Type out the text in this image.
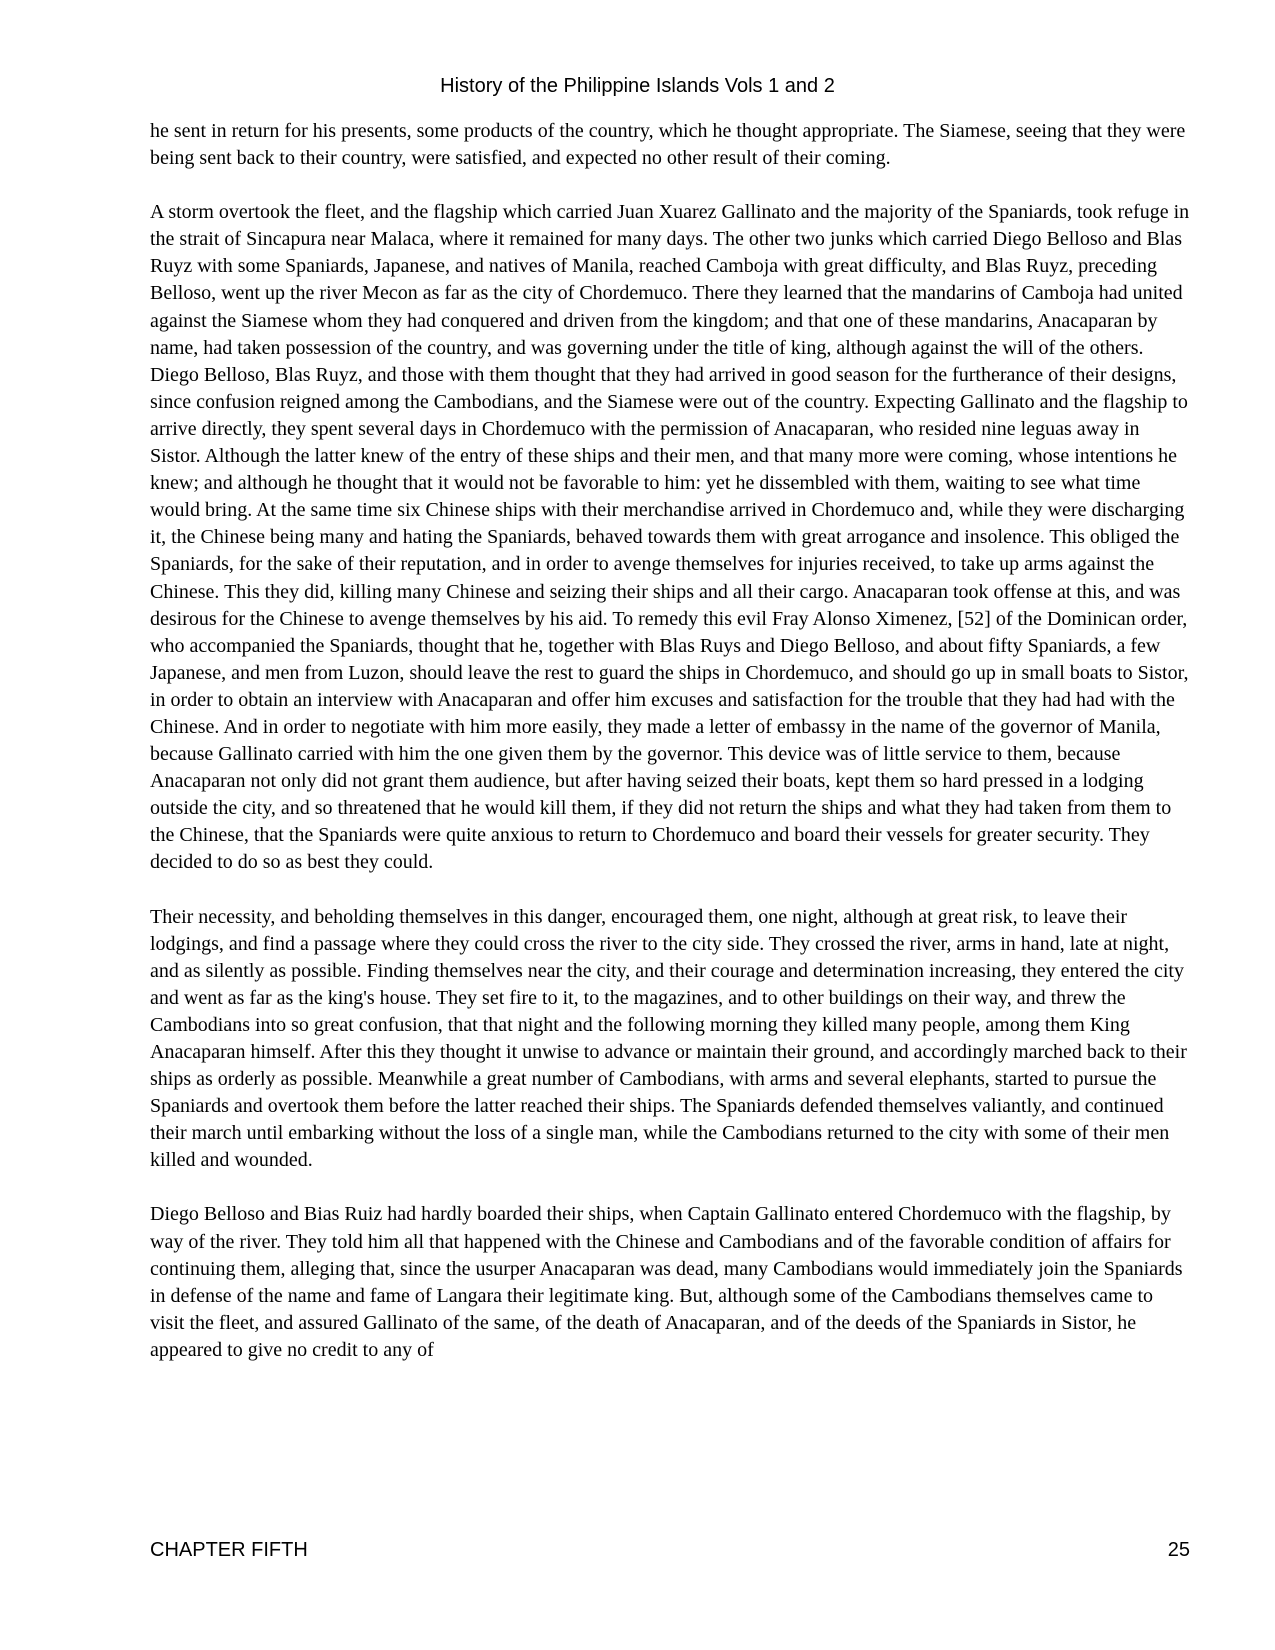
History of the Philippine Islands Vols 1 and 2

he sent in return for his presents, some products of the country, which he thought appropriate. The Siamese, seeing that they were being sent back to their country, were satisfied, and expected no other result of their coming.

A storm overtook the fleet, and the flagship which carried Juan Xuarez Gallinato and the majority of the Spaniards, took refuge in the strait of Sincapura near Malaca, where it remained for many days. The other two junks which carried Diego Belloso and Blas Ruyz with some Spaniards, Japanese, and natives of Manila, reached Camboja with great difficulty, and Blas Ruyz, preceding Belloso, went up the river Mecon as far as the city of Chordemuco. There they learned that the mandarins of Camboja had united against the Siamese whom they had conquered and driven from the kingdom; and that one of these mandarins, Anacaparan by name, had taken possession of the country, and was governing under the title of king, although against the will of the others. Diego Belloso, Blas Ruyz, and those with them thought that they had arrived in good season for the furtherance of their designs, since confusion reigned among the Cambodians, and the Siamese were out of the country. Expecting Gallinato and the flagship to arrive directly, they spent several days in Chordemuco with the permission of Anacaparan, who resided nine leguas away in Sistor. Although the latter knew of the entry of these ships and their men, and that many more were coming, whose intentions he knew; and although he thought that it would not be favorable to him: yet he dissembled with them, waiting to see what time would bring. At the same time six Chinese ships with their merchandise arrived in Chordemuco and, while they were discharging it, the Chinese being many and hating the Spaniards, behaved towards them with great arrogance and insolence. This obliged the Spaniards, for the sake of their reputation, and in order to avenge themselves for injuries received, to take up arms against the Chinese. This they did, killing many Chinese and seizing their ships and all their cargo. Anacaparan took offense at this, and was desirous for the Chinese to avenge themselves by his aid. To remedy this evil Fray Alonso Ximenez, [52] of the Dominican order, who accompanied the Spaniards, thought that he, together with Blas Ruys and Diego Belloso, and about fifty Spaniards, a few Japanese, and men from Luzon, should leave the rest to guard the ships in Chordemuco, and should go up in small boats to Sistor, in order to obtain an interview with Anacaparan and offer him excuses and satisfaction for the trouble that they had had with the Chinese. And in order to negotiate with him more easily, they made a letter of embassy in the name of the governor of Manila, because Gallinato carried with him the one given them by the governor. This device was of little service to them, because Anacaparan not only did not grant them audience, but after having seized their boats, kept them so hard pressed in a lodging outside the city, and so threatened that he would kill them, if they did not return the ships and what they had taken from them to the Chinese, that the Spaniards were quite anxious to return to Chordemuco and board their vessels for greater security. They decided to do so as best they could.

Their necessity, and beholding themselves in this danger, encouraged them, one night, although at great risk, to leave their lodgings, and find a passage where they could cross the river to the city side. They crossed the river, arms in hand, late at night, and as silently as possible. Finding themselves near the city, and their courage and determination increasing, they entered the city and went as far as the king's house. They set fire to it, to the magazines, and to other buildings on their way, and threw the Cambodians into so great confusion, that that night and the following morning they killed many people, among them King Anacaparan himself. After this they thought it unwise to advance or maintain their ground, and accordingly marched back to their ships as orderly as possible. Meanwhile a great number of Cambodians, with arms and several elephants, started to pursue the Spaniards and overtook them before the latter reached their ships. The Spaniards defended themselves valiantly, and continued their march until embarking without the loss of a single man, while the Cambodians returned to the city with some of their men killed and wounded.

Diego Belloso and Bias Ruiz had hardly boarded their ships, when Captain Gallinato entered Chordemuco with the flagship, by way of the river. They told him all that happened with the Chinese and Cambodians and of the favorable condition of affairs for continuing them, alleging that, since the usurper Anacaparan was dead, many Cambodians would immediately join the Spaniards in defense of the name and fame of Langara their legitimate king. But, although some of the Cambodians themselves came to visit the fleet, and assured Gallinato of the same, of the death of Anacaparan, and of the deeds of the Spaniards in Sistor, he appeared to give no credit to any of

CHAPTER FIFTH	25
